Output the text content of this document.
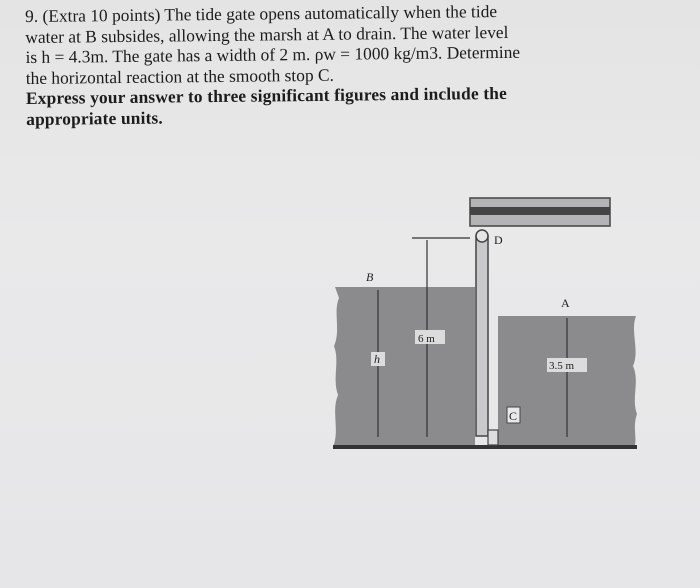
9. (Extra 10 points) The tide gate opens automatically when the tide

water at B subsides, allowing the marsh at A to drain. The water level

is h = 4.3m. The gate has a width of 2 m. ρw = 1000 kg/m3. Determine

the horizontal reaction at the smooth stop C.

Express your answer to three significant figures and include the

appropriate units.

D
B
A
6 m
h	3.5 m
C
